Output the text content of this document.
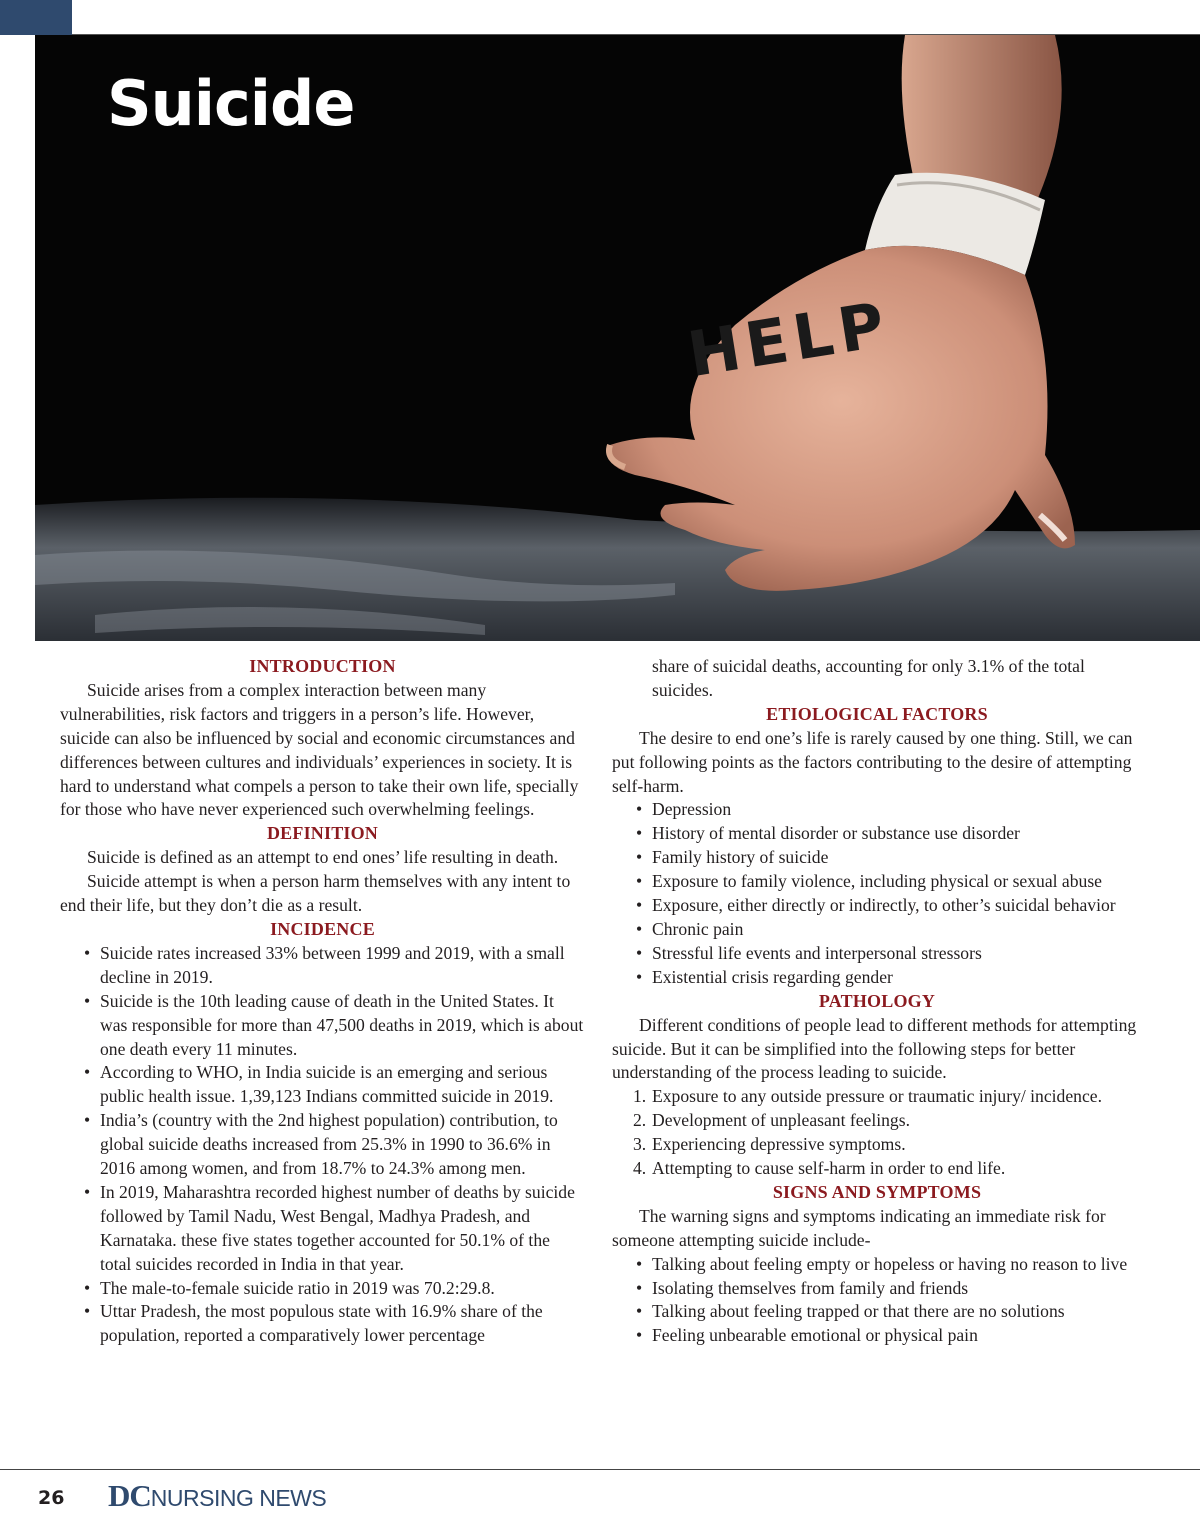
HELP
Suicide
INTRODUCTION

Suicide arises from a complex interaction between many vulnerabilities, risk factors and triggers in a person’s life. However, suicide can also be influenced by social and economic circumstances and differences between cultures and individuals’ experiences in society. It is hard to understand what compels a person to take their own life, specially for those who have never experienced such overwhelming feelings.

DEFINITION

Suicide is defined as an attempt to end ones’ life resulting in death.

Suicide attempt is when a person harm themselves with any intent to end their life, but they don’t die as a result.

INCIDENCE
• Suicide rates increased 33% between 1999 and 2019, with a small decline in 2019.
• Suicide is the 10th leading cause of death in the United States. It was responsible for more than 47,500 deaths in 2019, which is about one death every 11 minutes.
• According to WHO, in India suicide is an emerging and serious public health issue. 1,39,123 Indians committed suicide in 2019.
• India’s (country with the 2nd highest population) contribution, to global suicide deaths increased from 25.3% in 1990 to 36.6% in 2016 among women, and from 18.7% to 24.3% among men.
• In 2019, Maharashtra recorded highest number of deaths by suicide followed by Tamil Nadu, West Bengal, Madhya Pradesh, and Karnataka. these five states together accounted for 50.1% of the total suicides recorded in India in that year.
• The male-to-female suicide ratio in 2019 was 70.2:29.8.
• Uttar Pradesh, the most populous state with 16.9% share of the population, reported a comparatively lower percentage
share of suicidal deaths, accounting for only 3.1% of the total suicides.
ETIOLOGICAL FACTORS

The desire to end one’s life is rarely caused by one thing. Still, we can put following points as the factors contributing to the desire of attempting self-harm.

• Depression
• History of mental disorder or substance use disorder
• Family history of suicide
• Exposure to family violence, including physical or sexual abuse
• Exposure, either directly or indirectly, to other’s suicidal behavior
• Chronic pain
• Stressful life events and interpersonal stressors
• Existential crisis regarding gender
PATHOLOGY

Different conditions of people lead to different methods for attempting suicide. But it can be simplified into the following steps for better understanding of the process leading to suicide.

1. Exposure to any outside pressure or traumatic injury/ incidence.
2. Development of unpleasant feelings.
3. Experiencing depressive symptoms.
4. Attempting to cause self-harm in order to end life.
SIGNS AND SYMPTOMS

The warning signs and symptoms indicating an immediate risk for someone attempting suicide include-

• Talking about feeling empty or hopeless or having no reason to live
• Isolating themselves from family and friends
• Talking about feeling trapped or that there are no solutions
• Feeling unbearable emotional or physical pain
26 DCNURSING NEWS
